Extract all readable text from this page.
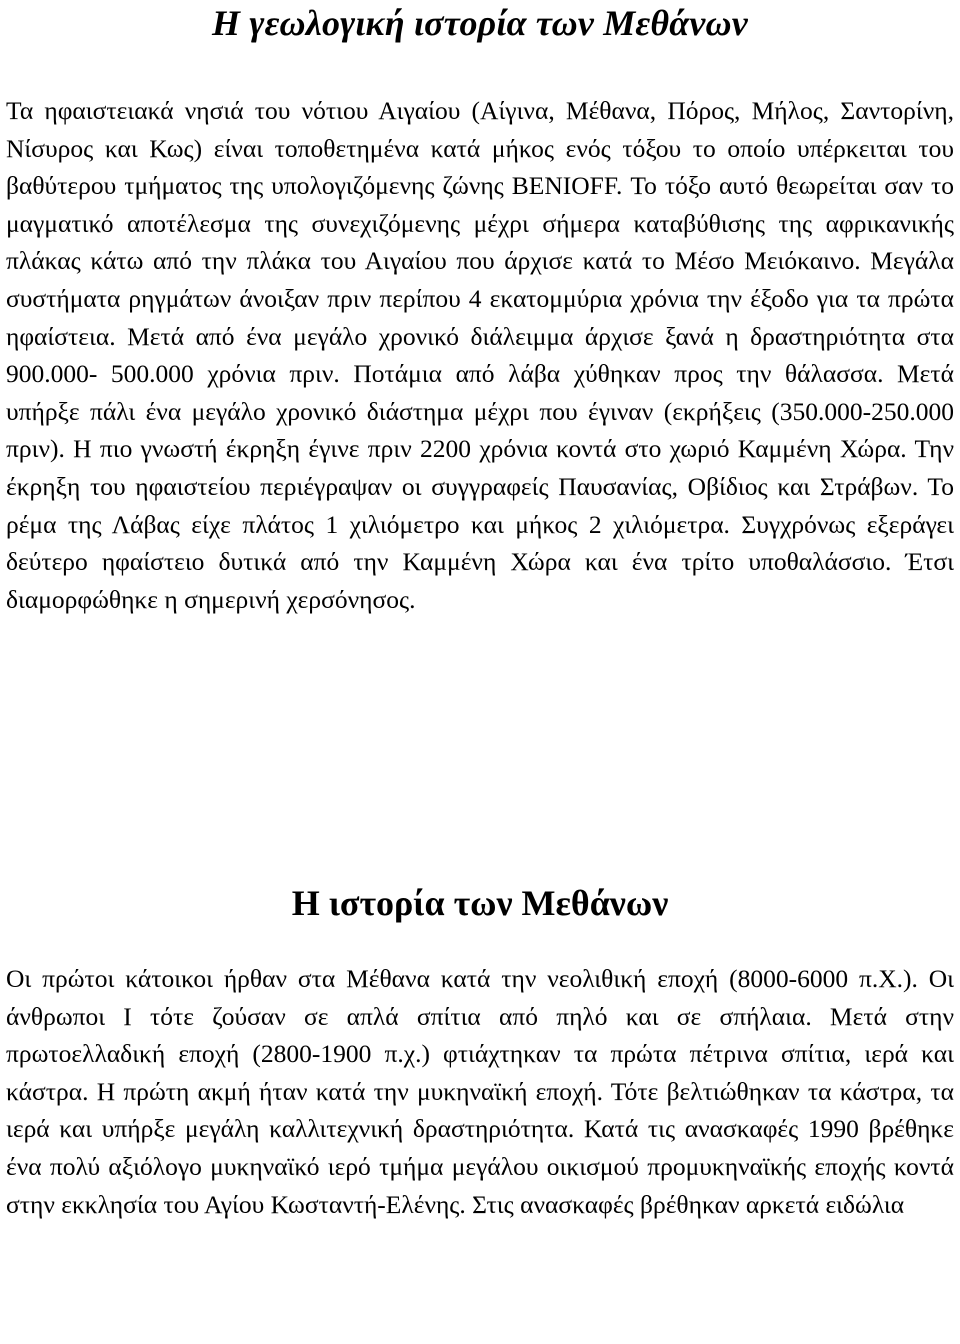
Η γεωλογική ιστορία των Μεθάνων

Τα ηφαιστειακά νησιά του νότιου Αιγαίου (Αίγινα, Μέθανα, Πόρος, Μήλος, Σαντορίνη, Νίσυρος και Κως) είναι τοποθετημένα κατά μήκος ενός τόξου το οποίο υπέρκειται του βαθύτερου τμήματος της υπολογιζόμενης ζώνης BENIOFF. Το τόξο αυτό θεωρείται σαν το μαγματικό αποτέλεσμα της συνεχιζόμενης μέχρι σήμερα καταβύθισης της αφρικανικής πλάκας κάτω από την πλάκα του Αιγαίου που άρχισε κατά το Μέσο Μειόκαινο. Μεγάλα συστήματα ρηγμάτων άνοιξαν πριν περίπου 4 εκατομμύρια χρόνια την έξοδο για τα πρώτα ηφαίστεια. Μετά από ένα μεγάλο χρονικό διάλειμμα άρχισε ξανά η δραστηριότητα στα 900.000- 500.000 χρόνια πριν. Ποτάμια από λάβα χύθηκαν προς την θάλασσα. Μετά υπήρξε πάλι ένα μεγάλο χρονικό διάστημα μέχρι που έγιναν (εκρήξεις (350.000-250.000 πριν). Η πιο γνωστή έκρηξη έγινε πριν 2200 χρόνια κοντά στο χωριό Καμμένη Χώρα. Την έκρηξη του ηφαιστείου περιέγραψαν οι συγγραφείς Παυσανίας, Οβίδιος και Στράβων. Το ρέμα της Λάβας είχε πλάτος 1 χιλιόμετρο και μήκος 2 χιλιόμετρα. Συγχρόνως εξεράγει δεύτερο ηφαίστειο δυτικά από την Καμμένη Χώρα και ένα τρίτο υποθαλάσσιο. Έτσι διαμορφώθηκε η σημερινή χερσόνησος.

Η ιστορία των Μεθάνων

Οι πρώτοι κάτοικοι ήρθαν στα Μέθανα κατά την νεολιθική εποχή (8000-6000 π.Χ.). Οι άνθρωποι Ι τότε ζούσαν σε απλά σπίτια από πηλό και σε σπήλαια. Μετά στην πρωτοελλαδική εποχή (2800-1900 π.χ.) φτιάχτηκαν τα πρώτα πέτρινα σπίτια, ιερά και κάστρα. Η πρώτη ακμή ήταν κατά την μυκηναϊκή εποχή. Τότε βελτιώθηκαν τα κάστρα, τα ιερά και υπήρξε μεγάλη καλλιτεχνική δραστηριότητα. Κατά τις ανασκαφές 1990 βρέθηκε ένα πολύ αξιόλογο μυκηναϊκό ιερό τμήμα μεγάλου οικισμού προμυκηναϊκής εποχής κοντά στην εκκλησία του Αγίου Κωσταντή-Ελένης. Στις ανασκαφές βρέθηκαν αρκετά ειδώλια
